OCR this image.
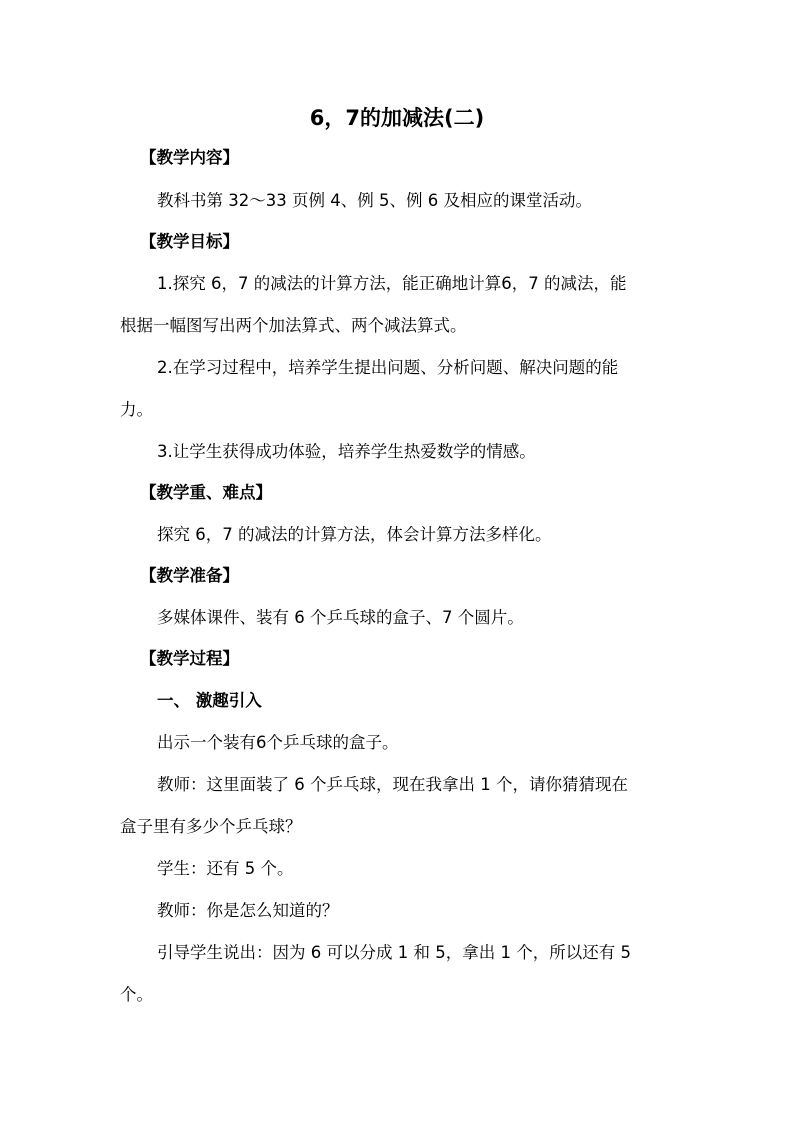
6，7的加减法(二)
【教学内容】
教科书第 32～33 页例 4、例 5、例 6 及相应的课堂活动。
【教学目标】
1.探究 6，7 的减法的计算方法，能正确地计算6，7 的减法，能
根据一幅图写出两个加法算式、两个减法算式。
2.在学习过程中，培养学生提出问题、分析问题、解决问题的能
力。
3.让学生获得成功体验，培养学生热爱数学的情感。
【教学重、难点】
探究 6，7 的减法的计算方法，体会计算方法多样化。
【教学准备】
多媒体课件、装有 6 个乒乓球的盒子、7 个圆片。
【教学过程】
一、 激趣引入
出示一个装有6个乒乓球的盒子。
教师：这里面装了 6 个乒乓球，现在我拿出 1 个，请你猜猜现在
盒子里有多少个乒乓球？
学生：还有 5 个。
教师：你是怎么知道的？
引导学生说出：因为 6 可以分成 1 和 5，拿出 1 个，所以还有 5
个。
